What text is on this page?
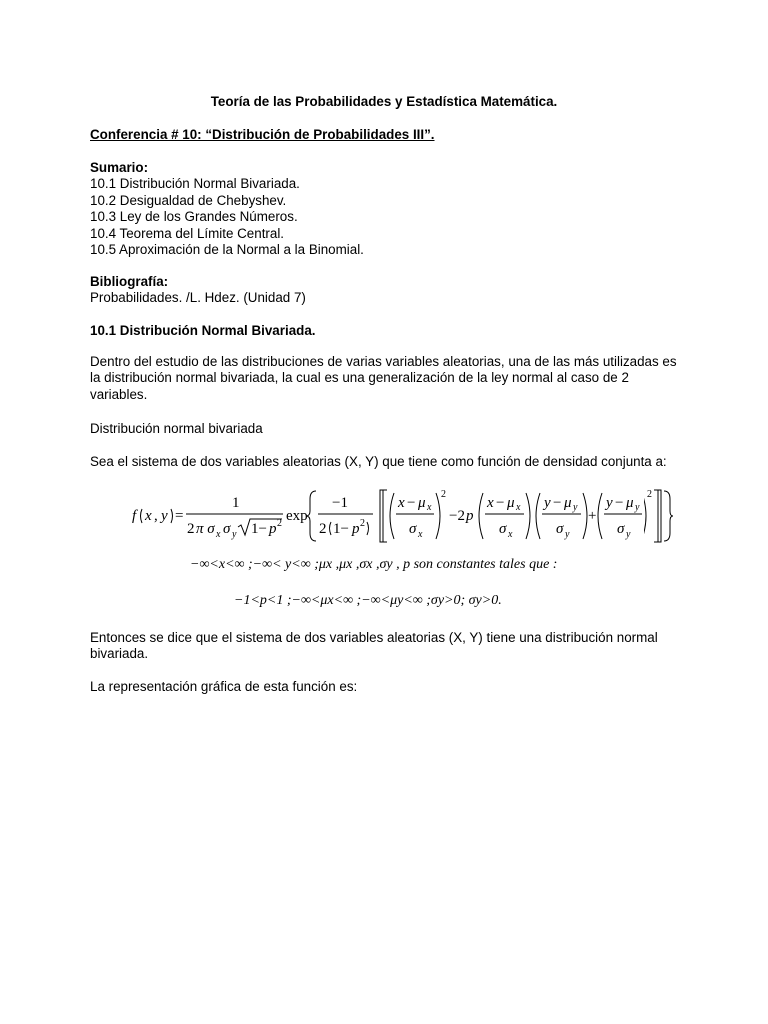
Teoría de las Probabilidades y Estadística Matemática.
Conferencia # 10: “Distribución de Probabilidades III”.
Sumario:
10.1 Distribución Normal Bivariada.
10.2 Desigualdad de Chebyshev.
10.3 Ley de los Grandes Números.
10.4 Teorema del Límite Central.
10.5 Aproximación de la Normal a la Binomial.
Bibliografía:
Probabilidades. /L. Hdez. (Unidad 7)
10.1 Distribución Normal Bivariada.
Dentro del estudio de las distribuciones de varias variables aleatorias, una de las más utilizadas es la distribución normal bivariada, la cual es una generalización de la ley normal al caso de 2 variables.
Distribución normal bivariada
Sea el sistema de dos variables aleatorias (X, Y) que tiene como función de densidad conjunta a:
f x , y =
1
2 π σ x σ y 1− p 2 exp
−1
2 1− p 2
x − μ x
σ x
2
−2 p
x − μ x
σ x
y − μ y
σ y
+
y − μ y
σ y
2
−∞<x<∞ ;−∞< y<∞ ;μx ,μx ,σx ,σy , p son constantes tales que :
−1<p<1 ;−∞<μx<∞ ;−∞<μy<∞ ;σy>0; σy>0.
Entonces se dice que el sistema de dos variables aleatorias (X, Y) tiene una distribución normal bivariada.
La representación gráfica de esta función es:
